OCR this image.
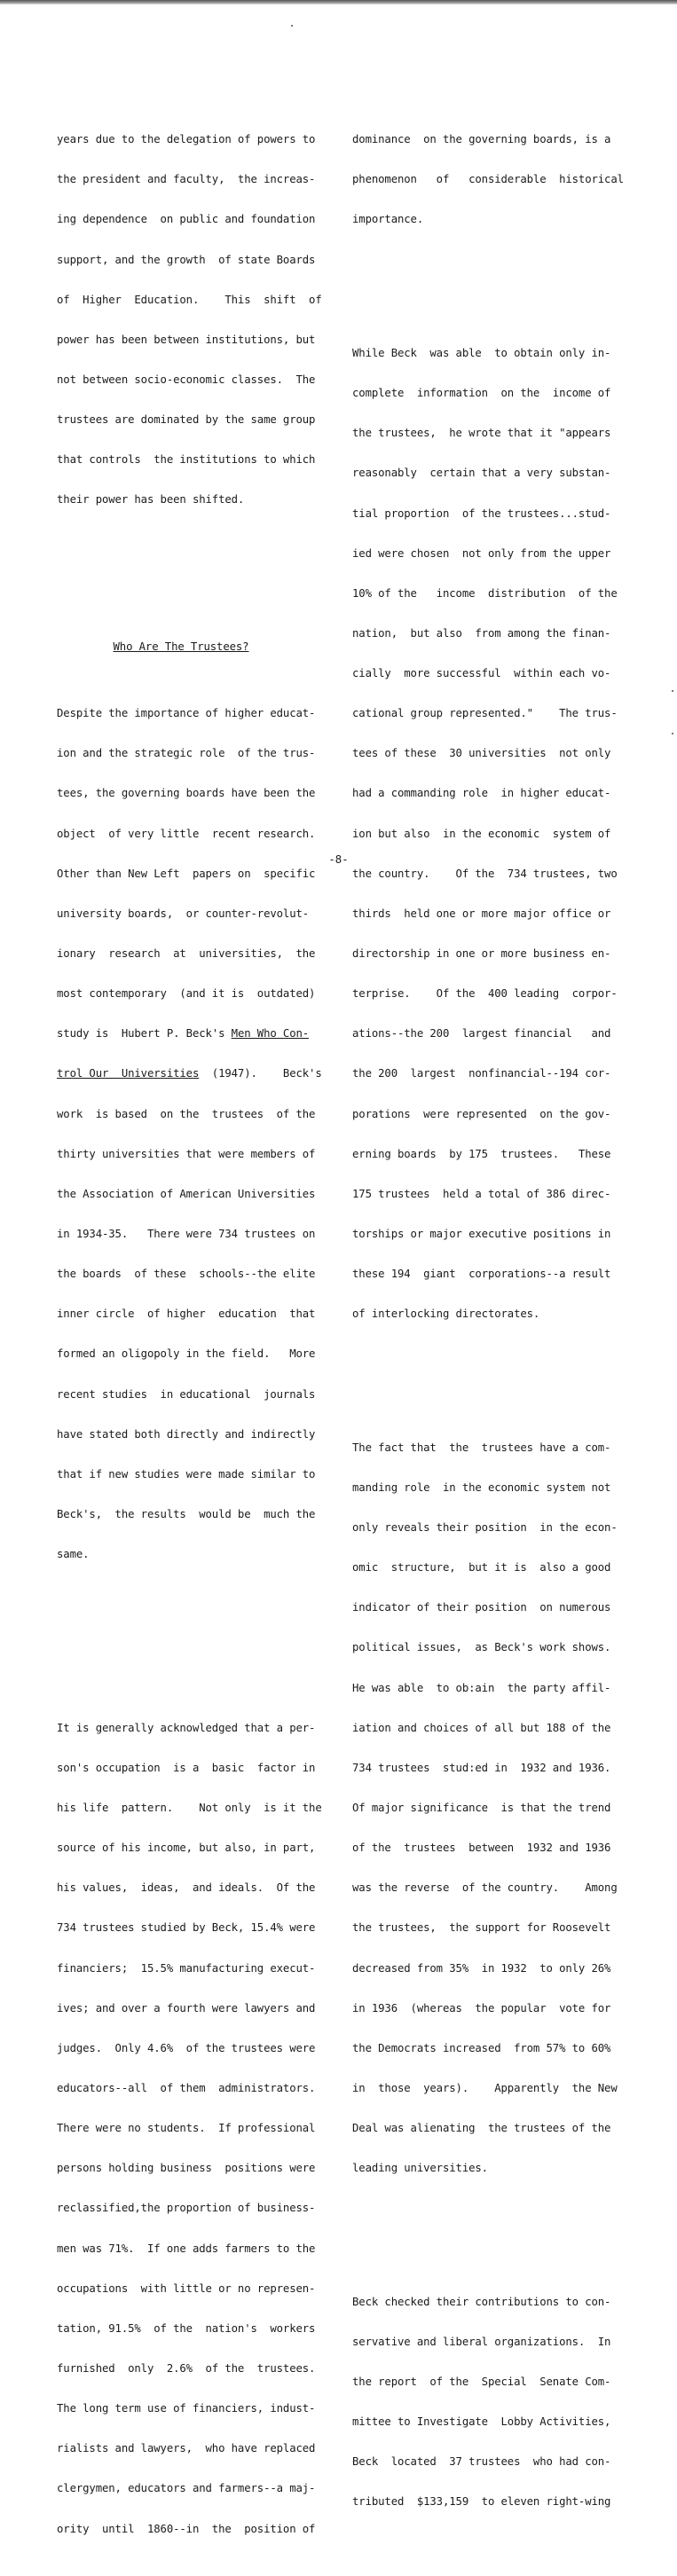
years due to the delegation of powers to

the president and faculty,  the increas-

ing dependence  on public and foundation

support, and the growth  of state Boards

of  Higher  Education.    This  shift  of

power has been between institutions, but

not between socio-economic classes.  The

trustees are dominated by the same group

that controls  the institutions to which

their power has been shifted.

Who Are The Trustees?

Despite the importance of higher educat-

ion and the strategic role  of the trus-

tees, the governing boards have been the

object  of very little  recent research.

Other than New Left  papers on  specific

university boards,  or counter-revolut-

ionary  research  at  universities,  the

most contemporary  (and it is  outdated)

study is  Hubert P. Beck's Men Who Con-

trol Our  Universities  (1947).    Beck's

work  is based  on the  trustees  of the

thirty universities that were members of

the Association of American Universities

in 1934-35.   There were 734 trustees on

the boards  of these  schools--the elite

inner circle  of higher  education  that

formed an oligopoly in the field.   More

recent studies  in educational  journals

have stated both directly and indirectly

that if new studies were made similar to

Beck's,  the results  would be  much the

same.

It is generally acknowledged that a per-

son's occupation  is a  basic  factor in

his life  pattern.    Not only  is it the

source of his income, but also, in part,

his values,  ideas,  and ideals.  Of the

734 trustees studied by Beck, 15.4% were

financiers;  15.5% manufacturing execut-

ives; and over a fourth were lawyers and

judges.  Only 4.6%  of the trustees were

educators--all  of them  administrators.

There were no students.  If professional

persons holding business  positions were

reclassified,the proportion of business-

men was 71%.  If one adds farmers to the

occupations  with little or no represen-

tation, 91.5%  of the  nation's  workers

furnished  only  2.6%  of the  trustees.

The long term use of financiers, indust-

rialists and lawyers,  who have replaced

clergymen, educators and farmers--a maj-

ority  until  1860--in  the  position of

dominance  on the governing boards, is a

phenomenon   of   considerable  historical

importance.

While Beck  was able  to obtain only in-

complete  information  on the  income of

the trustees,  he wrote that it "appears

reasonably  certain that a very substan-

tial proportion  of the trustees...stud-

ied were chosen  not only from the upper

10% of the   income  distribution  of the

nation,  but also  from among the finan-

cially  more successful  within each vo-

cational group represented."    The trus-

tees of these  30 universities  not only

had a commanding role  in higher educat-

ion but also  in the economic  system of

the country.    Of the  734 trustees, two

thirds  held one or more major office or

directorship in one or more business en-

terprise.    Of the  400 leading  corpor-

ations--the 200  largest financial   and

the 200  largest  nonfinancial--194 cor-

porations  were represented  on the gov-

erning boards  by 175  trustees.   These

175 trustees  held a total of 386 direc-

torships or major executive positions in

these 194  giant  corporations--a result

of interlocking directorates.

The fact that  the  trustees have a com-

manding role  in the economic system not

only reveals their position  in the econ-

omic  structure,  but it is  also a good

indicator of their position  on numerous

political issues,  as Beck's work shows.

He was able  to ob:ain  the party affil-

iation and choices of all but 188 of the

734 trustees  stud:ed in  1932 and 1936.

Of major significance  is that the trend

of the  trustees  between  1932 and 1936

was the reverse  of the country.    Among

the trustees,  the support for Roosevelt

decreased from 35%  in 1932  to only 26%

in 1936  (whereas  the popular  vote for

the Democrats increased  from 57% to 60%

in  those  years).    Apparently  the New

Deal was alienating  the trustees of the

leading universities.

Beck checked their contributions to con-

servative and liberal organizations.  In

the report  of the  Special  Senate Com-

mittee to Investigate  Lobby Activities,

Beck  located  37 trustees  who had con-

tributed  $133,159  to eleven right-wing

-8-
